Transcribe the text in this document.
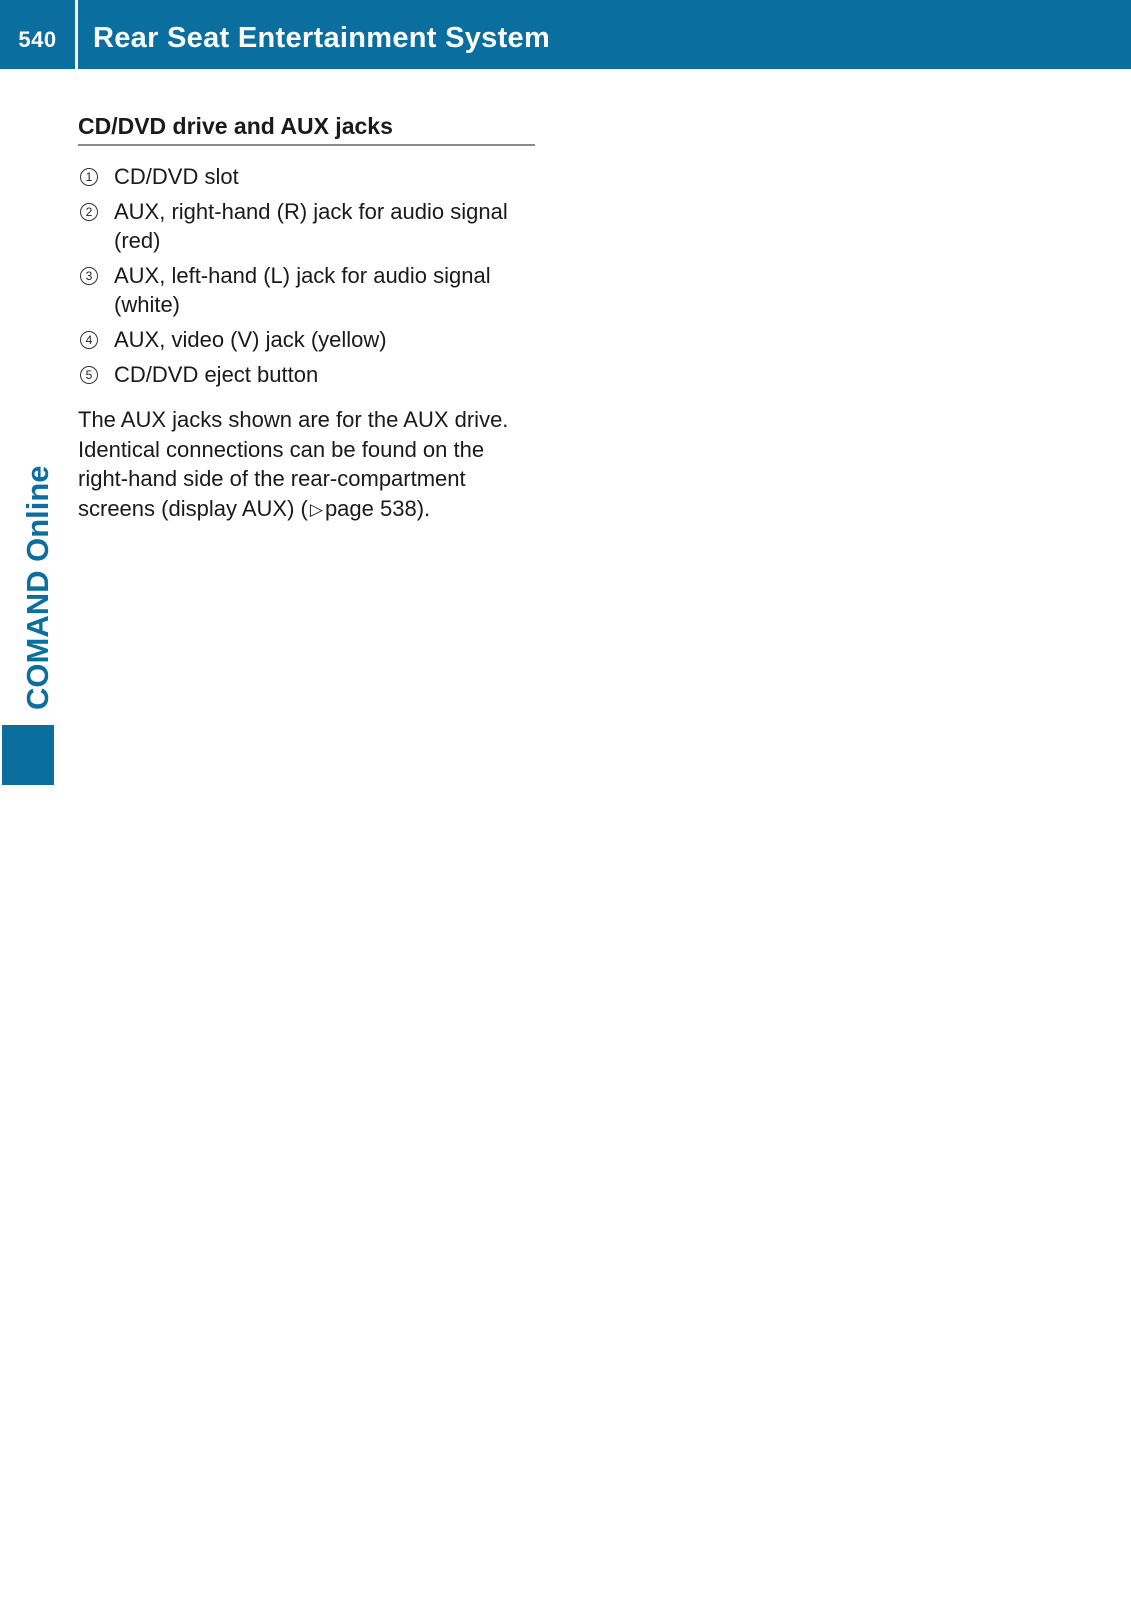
540	Rear Seat Entertainment System
COMAND Online
CD/DVD drive and AUX jacks
1 CD/DVD slot
2 AUX, right-hand (R) jack for audio signal (red)
3 AUX, left-hand (L) jack for audio signal (white)
4 AUX, video (V) jack (yellow)
5 CD/DVD eject button

The AUX jacks shown are for the AUX drive. Identical connections can be found on the right-hand side of the rear-compartment screens (display AUX) ( ▷page 538).
